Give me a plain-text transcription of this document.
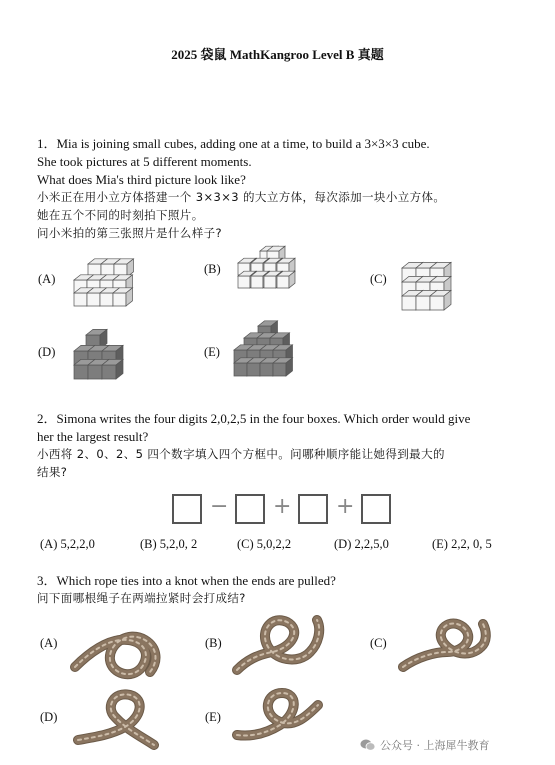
2025 袋鼠 MathKangroo Level B 真题
1．Mia is joining small cubes, adding one at a time, to build a 3×3×3 cube.
She took pictures at 5 different moments.
What does Mia's third picture look like?
小米正在用小立方体搭建一个 3×3×3 的大立方体，每次添加一块小立方体。
她在五个不同的时刻拍下照片。
问小米拍的第三张照片是什么样子?
(A)
(B)
(C)
(D)	(E)
2．Simona writes the four digits 2,0,2,5 in the four boxes. Which order would give
her the largest result?
小西将 2、0、2、5 四个数字填入四个方框中。问哪种顺序能让她得到最大的
结果?
− + +
(A) 5,2,2,0	(B) 5,2,0, 2	(C) 5,0,2,2	(D) 2,2,5,0	(E) 2,2, 0, 5
3．Which rope ties into a knot when the ends are pulled?
问下面哪根绳子在两端拉紧时会打成结?
(A)	(B)	(C)
(D)	(E)
公众号 · 上海犀牛教育
